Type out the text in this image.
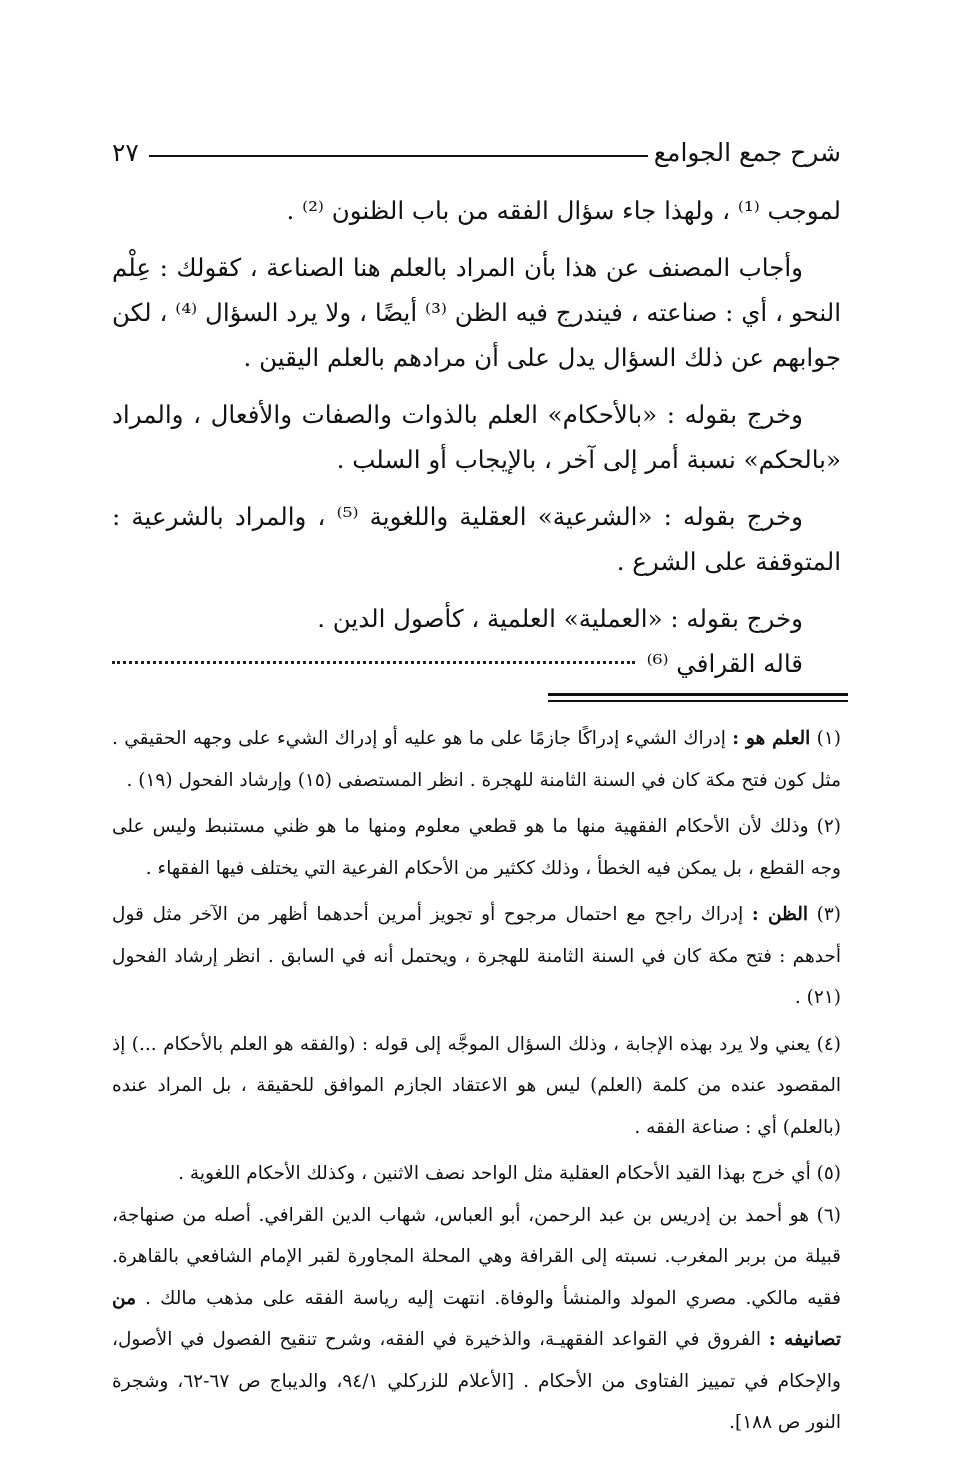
شرح جمع الجوامع
٢٧

لموجب ⁽¹⁾ ، ولهذا جاء سؤال الفقه من باب الظنون ⁽²⁾ .

وأجاب المصنف عن هذا بأن المراد بالعلم هنا الصناعة ، كقولك : عِلْم النحو ، أي : صناعته ، فيندرج فيه الظن ⁽³⁾ أيضًا ، ولا يرد السؤال ⁽⁴⁾ ، لكن جوابهم عن ذلك السؤال يدل على أن مرادهم بالعلم اليقين .

وخرج بقوله : «بالأحكام» العلم بالذوات والصفات والأفعال ، والمراد «بالحكم» نسبة أمر إلى آخر ، بالإيجاب أو السلب .

وخرج بقوله : «الشرعية» العقلية واللغوية ⁽⁵⁾ ، والمراد بالشرعية : المتوقفة على الشرع .

وخرج بقوله : «العملية» العلمية ، كأصول الدين .

قاله القرافي ⁽⁶⁾

(١) العلم هو : إدراك الشيء إدراكًا جازمًا على ما هو عليه أو إدراك الشيء على وجهه الحقيقي . مثل كون فتح مكة كان في السنة الثامنة للهجرة . انظر المستصفى (١٥) وإرشاد الفحول (١٩) .

(٢) وذلك لأن الأحكام الفقهية منها ما هو قطعي معلوم ومنها ما هو ظني مستنبط وليس على وجه القطع ، بل يمكن فيه الخطأ ، وذلك ككثير من الأحكام الفرعية التي يختلف فيها الفقهاء .

(٣) الظن : إدراك راجح مع احتمال مرجوح أو تجويز أمرين أحدهما أظهر من الآخر مثل قول أحدهم : فتح مكة كان في السنة الثامنة للهجرة ، ويحتمل أنه في السابق . انظر إرشاد الفحول (٢١) .

(٤) يعني ولا يرد بهذه الإجابة ، وذلك السؤال الموجَّه إلى قوله : (والفقه هو العلم بالأحكام ...) إذ المقصود عنده من كلمة (العلم) ليس هو الاعتقاد الجازم الموافق للحقيقة ، بل المراد عنده (بالعلم) أي : صناعة الفقه .

(٥) أي خرج بهذا القيد الأحكام العقلية مثل الواحد نصف الاثنين ، وكذلك الأحكام اللغوية .

(٦) هو أحمد بن إدريس بن عبد الرحمن، أبو العباس، شهاب الدين القرافي. أصله من صنهاجة، قبيلة من بربر المغرب. نسبته إلى القرافة وهي المحلة المجاورة لقبر الإمام الشافعي بالقاهرة. فقيه مالكي. مصري المولد والمنشأ والوفاة. انتهت إليه رياسة الفقه على مذهب مالك . من تصانيفه : الفروق في القواعد الفقهيـة، والذخيرة في الفقه، وشرح تنقيح الفصول في الأصول، والإحكام في تمييز الفتاوى من الأحكام . [الأعلام للزركلي ٩٤/١، والديباج ص ٦٧-٦٢، وشجرة النور ص ١٨٨].
